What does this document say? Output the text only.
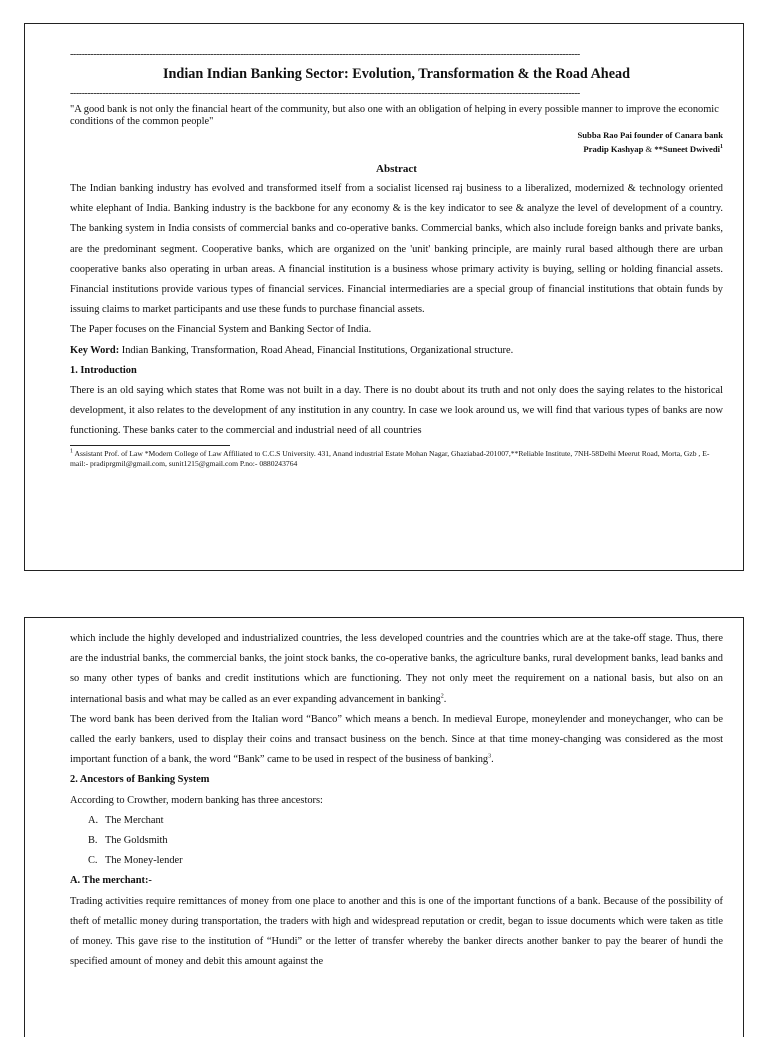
------------------------------------------------------------------------------------------------------------------------------------------------------------------------------
Indian Indian Banking Sector: Evolution, Transformation & the Road Ahead
------------------------------------------------------------------------------------------------------------------------------------------------------------------------------
"A good bank is not only the financial heart of the community, but also one with an obligation of helping in every possible manner to improve the economic conditions of the common people"
Subba Rao Pai founder of Canara bank
Pradip Kashyap & **Suneet Dwivedi$^1$
Abstract

The Indian banking industry has evolved and transformed itself from a socialist licensed raj business to a liberalized, modernized & technology oriented white elephant of India. Banking industry is the backbone for any economy & is the key indicator to see & analyze the level of development of a country. The banking system in India consists of commercial banks and co-operative banks. Commercial banks, which also include foreign banks and private banks, are the predominant segment. Cooperative banks, which are organized on the 'unit' banking principle, are mainly rural based although there are urban cooperative banks also operating in urban areas. A financial institution is a business whose primary activity is buying, selling or holding financial assets. Financial institutions provide various types of financial services. Financial intermediaries are a special group of financial institutions that obtain funds by issuing claims to market participants and use these funds to purchase financial assets.

The Paper focuses on the Financial System and Banking Sector of India.

Key Word: Indian Banking, Transformation, Road Ahead, Financial Institutions, Organizational structure.

1. Introduction

There is an old saying which states that Rome was not built in a day. There is no doubt about its truth and not only does the saying relates to the historical development, it also relates to the development of any institution in any country. In case we look around us, we will find that various types of banks are now functioning. These banks cater to the commercial and industrial need of all countries

$^1$ Assistant Prof. of Law *Modern College of Law Affiliated to C.C.S University. 431, Anand industrial Estate Mohan Nagar, Ghaziabad-201007,**Reliable Institute, 7NH-58Delhi Meerut Road, Morta, Gzb , E-mail:- pradiprgmil@gmail.com, sunit1215@gmail.com P.no:- 0880243764

which include the highly developed and industrialized countries, the less developed countries and the countries which are at the take-off stage. Thus, there are the industrial banks, the commercial banks, the joint stock banks, the co-operative banks, the agriculture banks, rural development banks, lead banks and so many other types of banks and credit institutions which are functioning. They not only meet the requirement on a national basis, but also on an international basis and what may be called as an ever expanding advancement in banking$^2$.

The word bank has been derived from the Italian word “Banco” which means a bench. In medieval Europe, moneylender and moneychanger, who can be called the early bankers, used to display their coins and transact business on the bench. Since at that time money-changing was considered as the most important function of a bank, the word “Bank” came to be used in respect of the business of banking$^3$.

2. Ancestors of Banking System

According to Crowther, modern banking has three ancestors:

A. The Merchant
B. The Goldsmith
C. The Money-lender

A. The merchant:-

Trading activities require remittances of money from one place to another and this is one of the important functions of a bank. Because of the possibility of theft of metallic money during transportation, the traders with high and widespread reputation or credit, began to issue documents which were taken as title of money. This gave rise to the institution of “Hundi” or the letter of transfer whereby the banker directs another banker to pay the bearer of hundi the specified amount of money and debit this amount against the
